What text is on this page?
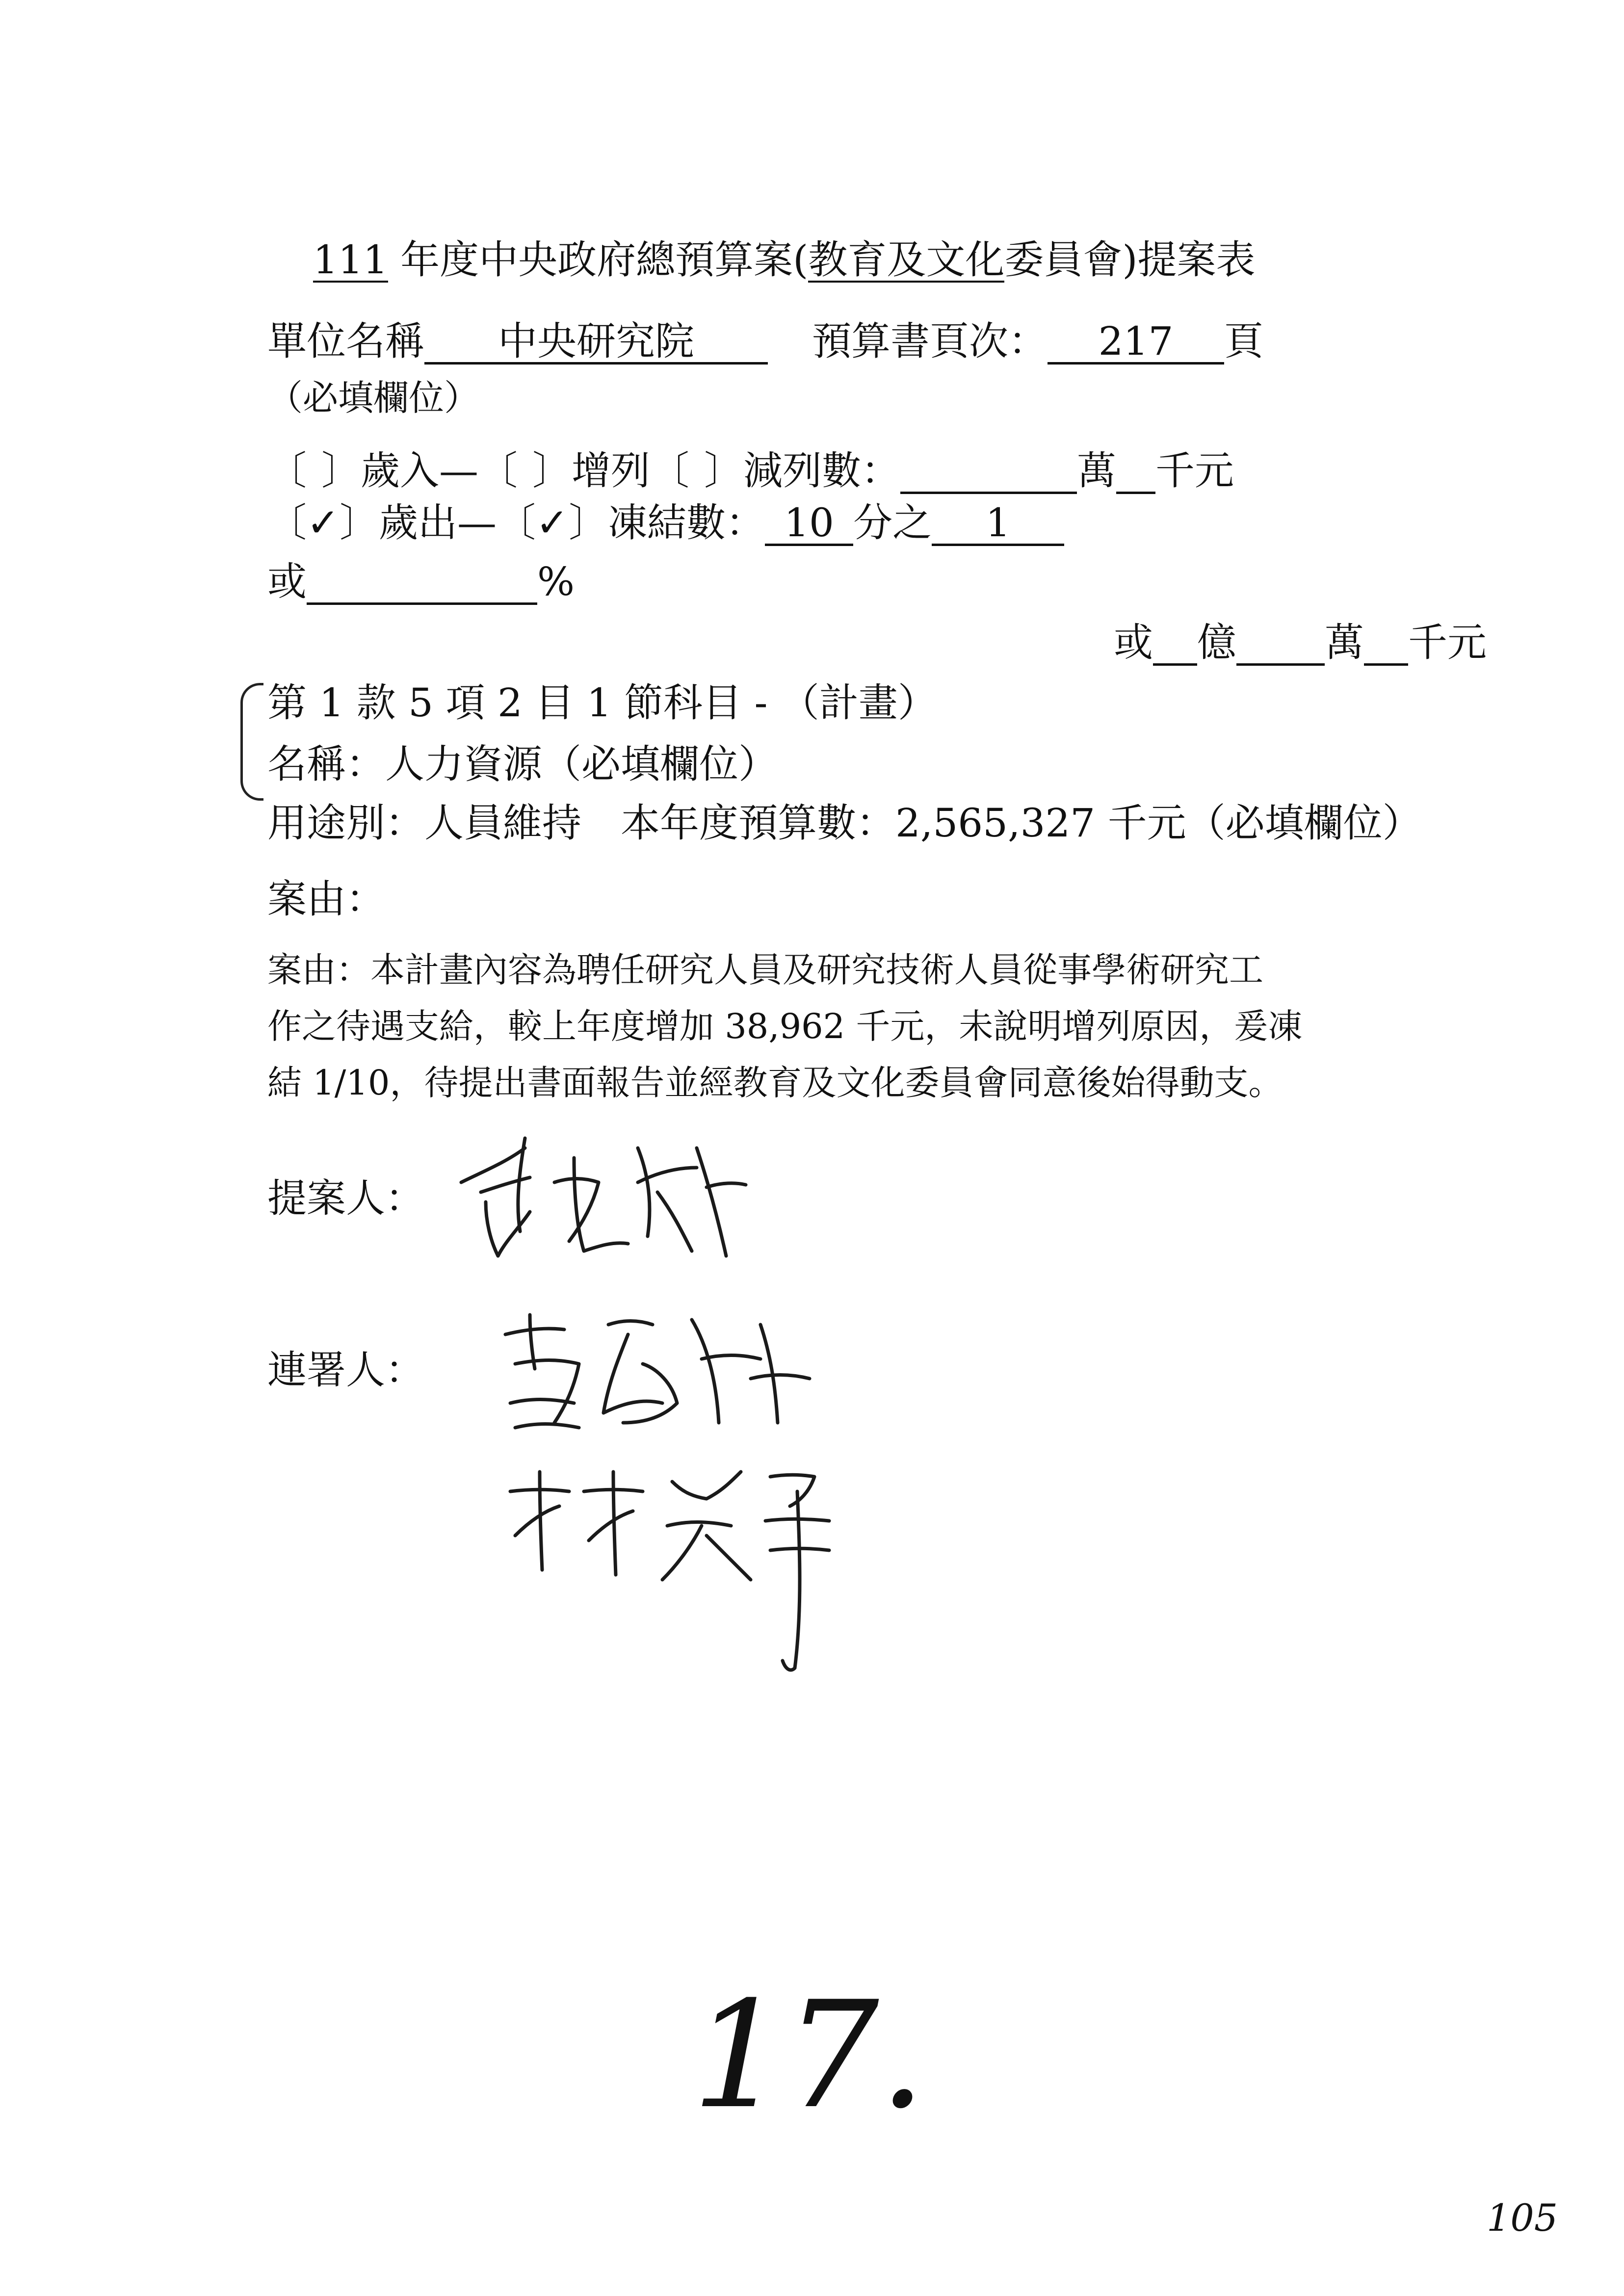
111 年度中央政府總預算案(教育及文化委員會)提案表
單位名稱 中央研究院	預算書頁次： 217 頁
（必填欄位）
〔 〕歲入—〔 〕增列〔 〕減列數：	萬 千元
〔✓〕歲出—〔✓〕凍結數： 10 分之 1
或	%
或 億 萬 千元
第 1 款 5 項 2 目 1 節科目 - （計畫）
名稱：人力資源（必填欄位）
用途別：人員維持　本年度預算數：2,565,327 千元（必填欄位）
案由：
案由：本計畫內容為聘任研究人員及研究技術人員從事學術研究工
作之待遇支給，較上年度增加 38,962 千元，未說明增列原因，爰凍
結 1/10，待提出書面報告並經教育及文化委員會同意後始得動支。
提案人：
連署人：
17.
105
